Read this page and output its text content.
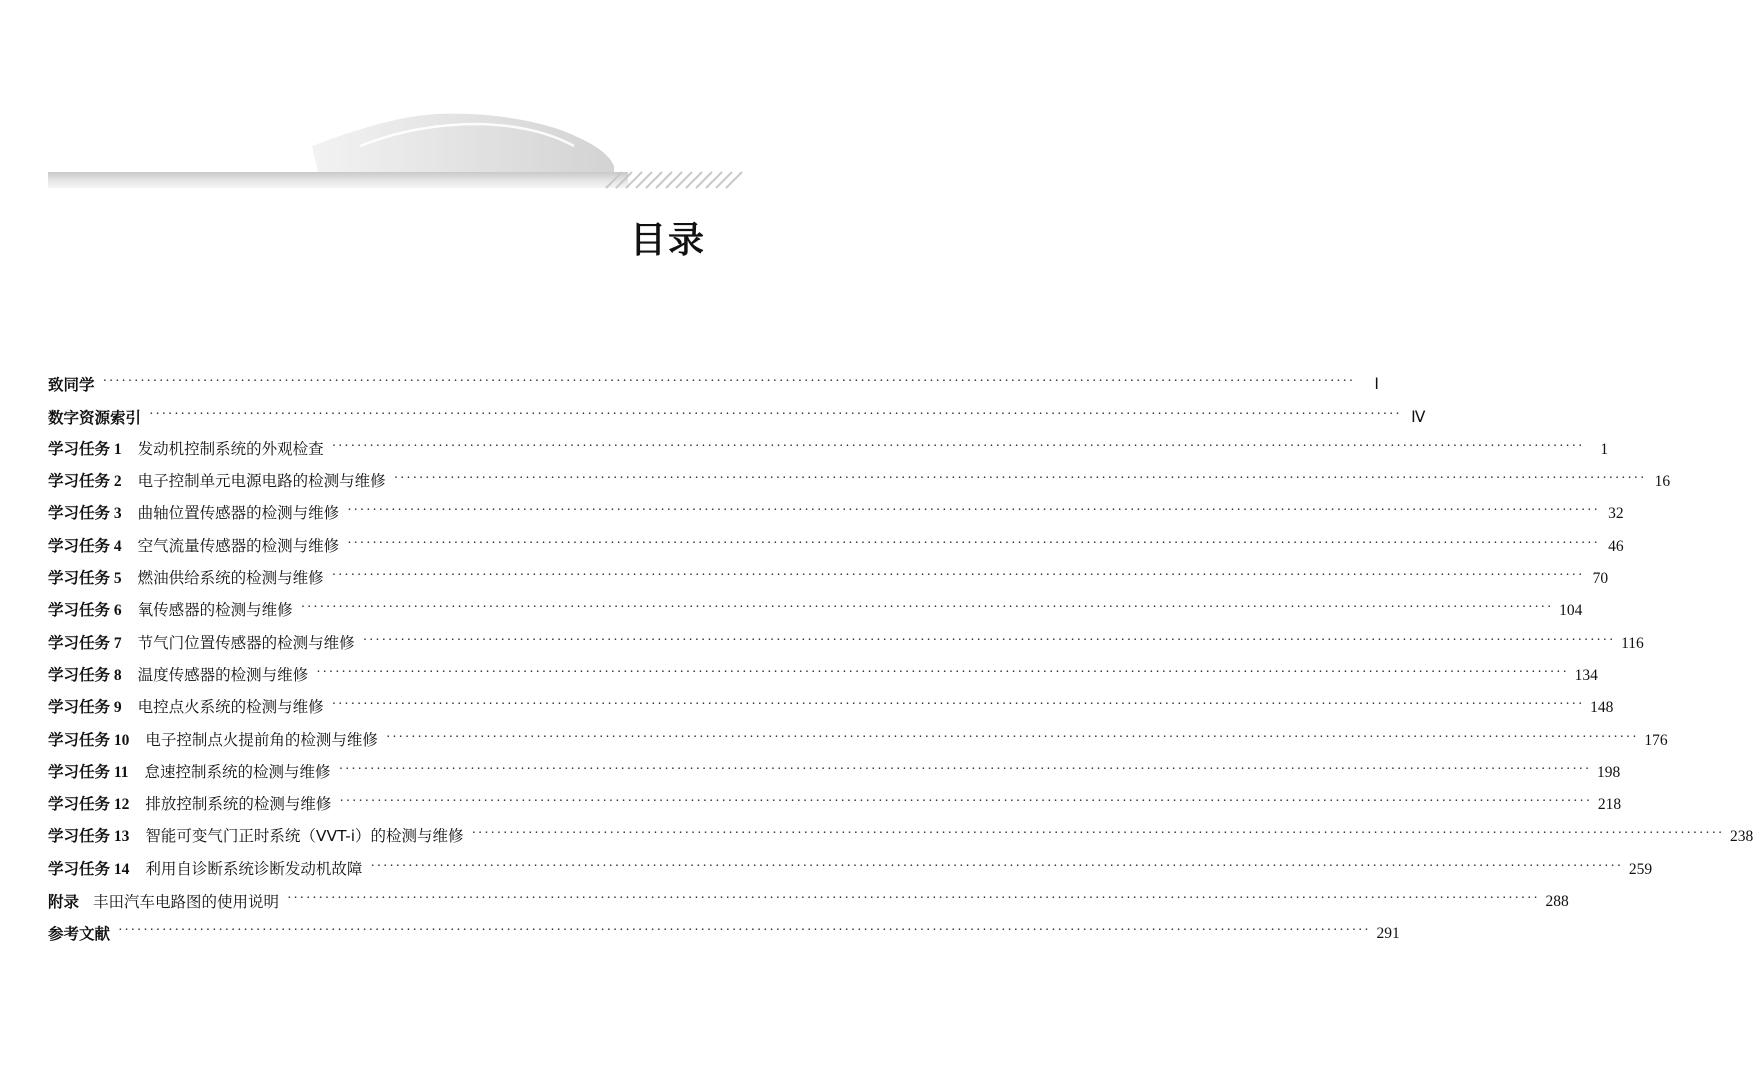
目录
致同学 ········································································································································································································	Ⅰ
数字资源索引 ········································································································································································································ Ⅳ
学习任务 1 发动机控制系统的外观检查 ········································································································································································································	1
学习任务 2 电子控制单元电源电路的检测与维修 ········································································································································································································ 16
学习任务 3 曲轴位置传感器的检测与维修 ········································································································································································································ 32
学习任务 4 空气流量传感器的检测与维修 ········································································································································································································ 46
学习任务 5 燃油供给系统的检测与维修 ········································································································································································································ 70
学习任务 6 氧传感器的检测与维修 ········································································································································································································ 104
学习任务 7 节气门位置传感器的检测与维修 ········································································································································································································ 116
学习任务 8 温度传感器的检测与维修 ········································································································································································································ 134
学习任务 9 电控点火系统的检测与维修 ········································································································································································································ 148
学习任务 10 电子控制点火提前角的检测与维修 ········································································································································································································ 176
学习任务 11 怠速控制系统的检测与维修 ········································································································································································································ 198
学习任务 12 排放控制系统的检测与维修 ········································································································································································································ 218
学习任务 13 智能可变气门正时系统（VVT-i）的检测与维修 ········································································································································································································ 238
学习任务 14 利用自诊断系统诊断发动机故障 ········································································································································································································ 259
附录 丰田汽车电路图的使用说明 ········································································································································································································ 288
参考文献 ········································································································································································································ 291
